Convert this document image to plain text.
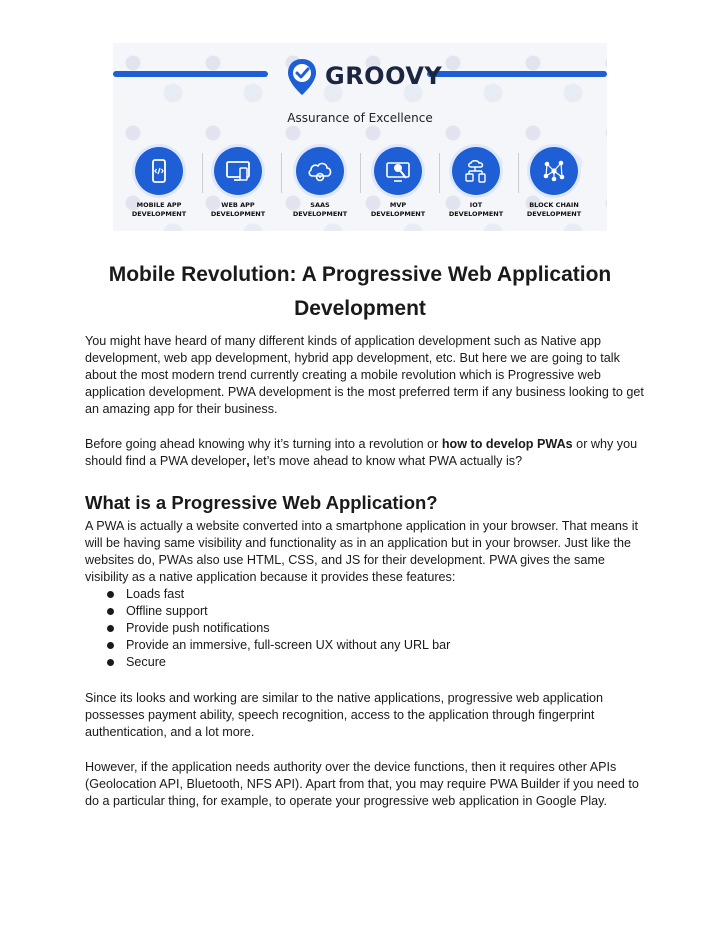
GROOVY
Assurance of Excellence
MOBILE APP
DEVELOPMENT
WEB APP
DEVELOPMENT
SAAS
DEVELOPMENT
MVP
DEVELOPMENT
IOT
DEVELOPMENT
BLOCK CHAIN
DEVELOPMENT
Mobile Revolution: A Progressive Web Application Development
You might have heard of many different kinds of application development such as Native app development, web app development, hybrid app development, etc. But here we are going to talk about the most modern trend currently creating a mobile revolution which is Progressive web application development. PWA development is the most preferred term if any business looking to get an amazing app for their business.
Before going ahead knowing why it’s turning into a revolution or how to develop PWAs or why you should find a PWA developer, let’s move ahead to know what PWA actually is?
What is a Progressive Web Application?
A PWA is actually a website converted into a smartphone application in your browser. That means it will be having same visibility and functionality as in an application but in your browser. Just like the websites do, PWAs also use HTML, CSS, and JS for their development. PWA gives the same visibility as a native application because it provides these features:
Loads fast
Offline support
Provide push notifications
Provide an immersive, full-screen UX without any URL bar
Secure
Since its looks and working are similar to the native applications, progressive web application possesses payment ability, speech recognition, access to the application through fingerprint authentication, and a lot more.
However, if the application needs authority over the device functions, then it requires other APIs (Geolocation API, Bluetooth, NFS API). Apart from that, you may require PWA Builder if you need to do a particular thing, for example, to operate your progressive web application in Google Play.
